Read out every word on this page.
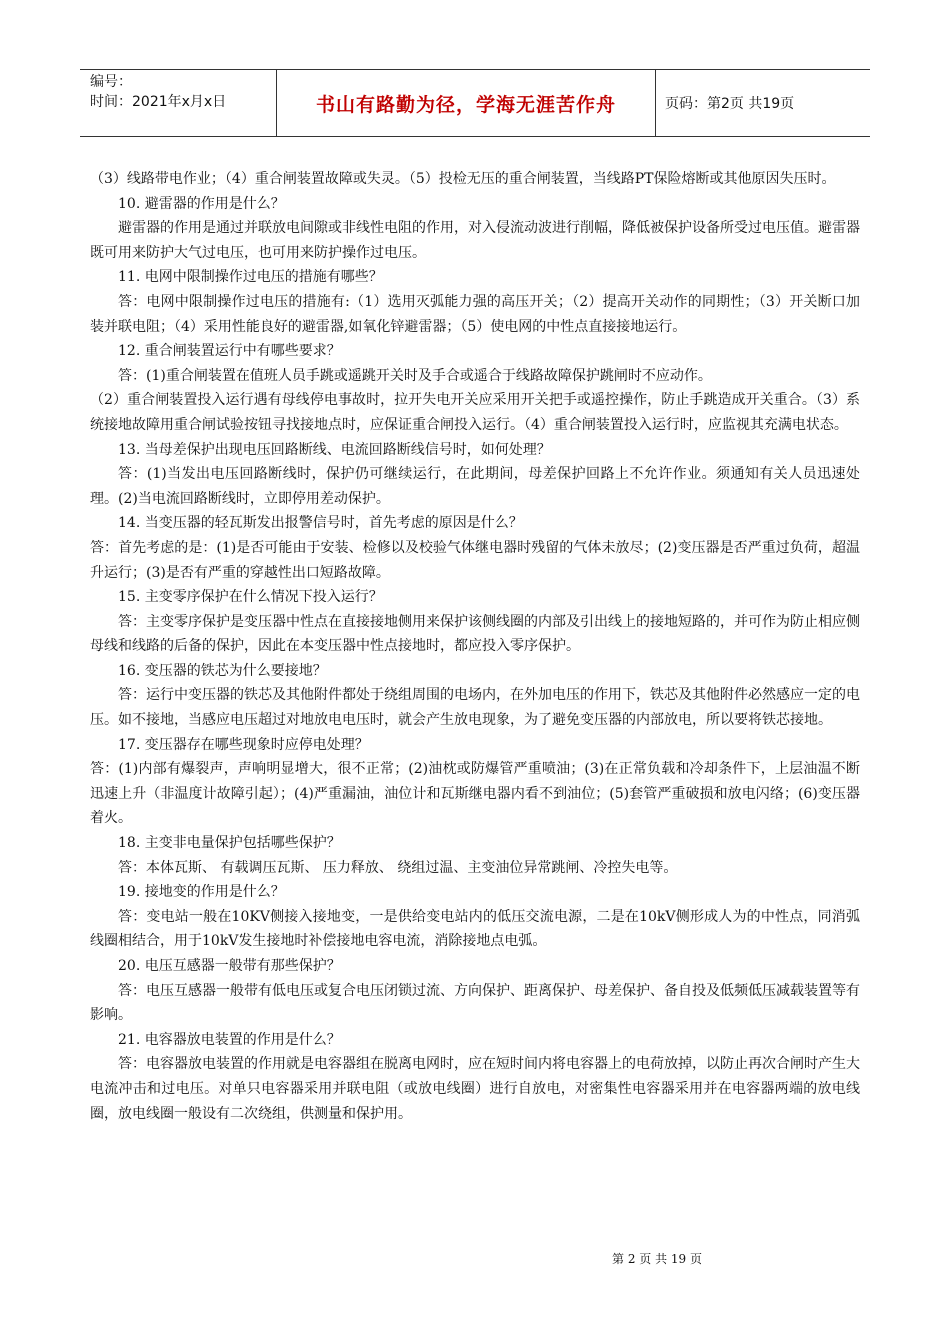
编号：
时间：2021年x月x日	书山有路勤为径，学海无涯苦作舟	页码：第2页 共19页

（3）线路带电作业；（4）重合闸装置故障或失灵。（5）投检无压的重合闸装置，当线路PT保险熔断或其他原因失压时。

10. 避雷器的作用是什么？

避雷器的作用是通过并联放电间隙或非线性电阻的作用，对入侵流动波进行削幅，降低被保护设备所受过电压值。避雷器既可用来防护大气过电压，也可用来防护操作过电压。

11. 电网中限制操作过电压的措施有哪些？

答：电网中限制操作过电压的措施有:（1）选用灭弧能力强的高压开关；（2）提高开关动作的同期性；（3）开关断口加装并联电阻；（4）采用性能良好的避雷器,如氧化锌避雷器；（5）使电网的中性点直接接地运行。

12. 重合闸装置运行中有哪些要求？

答：(1)重合闸装置在值班人员手跳或遥跳开关时及手合或遥合于线路故障保护跳闸时不应动作。

（2）重合闸装置投入运行遇有母线停电事故时，拉开失电开关应采用开关把手或遥控操作，防止手跳造成开关重合。（3）系统接地故障用重合闸试验按钮寻找接地点时，应保证重合闸投入运行。（4）重合闸装置投入运行时，应监视其充满电状态。

13. 当母差保护出现电压回路断线、电流回路断线信号时，如何处理？

答：(1)当发出电压回路断线时，保护仍可继续运行，在此期间，母差保护回路上不允许作业。须通知有关人员迅速处理。(2)当电流回路断线时，立即停用差动保护。

14. 当变压器的轻瓦斯发出报警信号时，首先考虑的原因是什么？

答：首先考虑的是：(1)是否可能由于安装、检修以及校验气体继电器时残留的气体未放尽；(2)变压器是否严重过负荷，超温升运行；(3)是否有严重的穿越性出口短路故障。

15. 主变零序保护在什么情况下投入运行？

答：主变零序保护是变压器中性点在直接接地侧用来保护该侧线圈的内部及引出线上的接地短路的，并可作为防止相应侧母线和线路的后备的保护，因此在本变压器中性点接地时，都应投入零序保护。

16. 变压器的铁芯为什么要接地？

答：运行中变压器的铁芯及其他附件都处于绕组周围的电场内，在外加电压的作用下，铁芯及其他附件必然感应一定的电压。如不接地，当感应电压超过对地放电电压时，就会产生放电现象，为了避免变压器的内部放电，所以要将铁芯接地。

17. 变压器存在哪些现象时应停电处理？

答：(1)内部有爆裂声，声响明显增大，很不正常；(2)油枕或防爆管严重喷油；(3)在正常负载和冷却条件下，上层油温不断迅速上升（非温度计故障引起）；(4)严重漏油，油位计和瓦斯继电器内看不到油位；(5)套管严重破损和放电闪络；(6)变压器着火。

18. 主变非电量保护包括哪些保护？

答：本体瓦斯、 有载调压瓦斯、 压力释放、 绕组过温、主变油位异常跳闸、冷控失电等。

19. 接地变的作用是什么？

答：变电站一般在10KV侧接入接地变，一是供给变电站内的低压交流电源，二是在10kV侧形成人为的中性点，同消弧线圈相结合，用于10kV发生接地时补偿接地电容电流，消除接地点电弧。

20. 电压互感器一般带有那些保护？

答：电压互感器一般带有低电压或复合电压闭锁过流、方向保护、距离保护、母差保护、备自投及低频低压减载装置等有影响。

21. 电容器放电装置的作用是什么？

答：电容器放电装置的作用就是电容器组在脱离电网时，应在短时间内将电容器上的电荷放掉，以防止再次合闸时产生大电流冲击和过电压。对单只电容器采用并联电阻（或放电线圈）进行自放电，对密集性电容器采用并在电容器两端的放电线圈，放电线圈一般设有二次绕组，供测量和保护用。

第 2 页 共 19 页
